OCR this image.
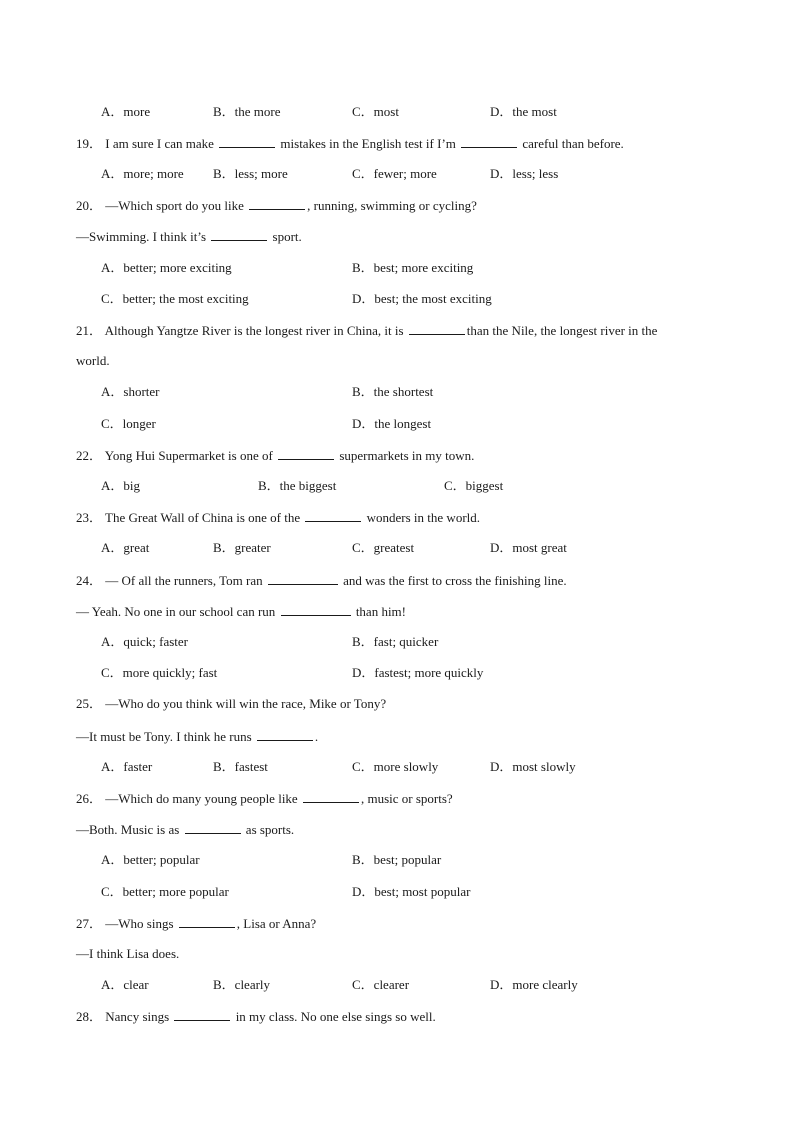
A．more	B．the more	C．most	D．the most
19． I am sure I can make	mistakes in the English test if I’m	careful than before.
A．more; more B．less; more	C．fewer; more	D．less; less
20． —Which sport do you like	, running, swimming or cycling?
—Swimming. I think it’s	sport.
A．better; more exciting	B．best; more exciting
C．better; the most exciting	D．best; the most exciting
21． Although Yangtze River is the longest river in China, it is	than the Nile, the longest river in the
world.
A．shorter	B．the shortest
C．longer	D．the longest
22． Yong Hui Supermarket is one of	supermarkets in my town.
A．big	B．the biggest	C．biggest
23． The Great Wall of China is one of the	wonders in the world.
A．great	B．greater	C．greatest	D．most great
24． — Of all the runners, Tom ran	and was the first to cross the finishing line.
— Yeah. No one in our school can run	than him!
A．quick; faster	B．fast; quicker
C．more quickly; fast	D．fastest; more quickly
25． —Who do you think will win the race, Mike or Tony?
—It must be Tony. I think he runs	.
A．faster	B．fastest	C．more slowly	D．most slowly
26． —Which do many young people like	, music or sports?
—Both. Music is as	as sports.
A．better; popular	B．best; popular
C．better; more popular	D．best; most popular
27． —Who sings	, Lisa or Anna?
—I think Lisa does.
A．clear	B．clearly	C．clearer	D．more clearly
28． Nancy sings	in my class. No one else sings so well.
